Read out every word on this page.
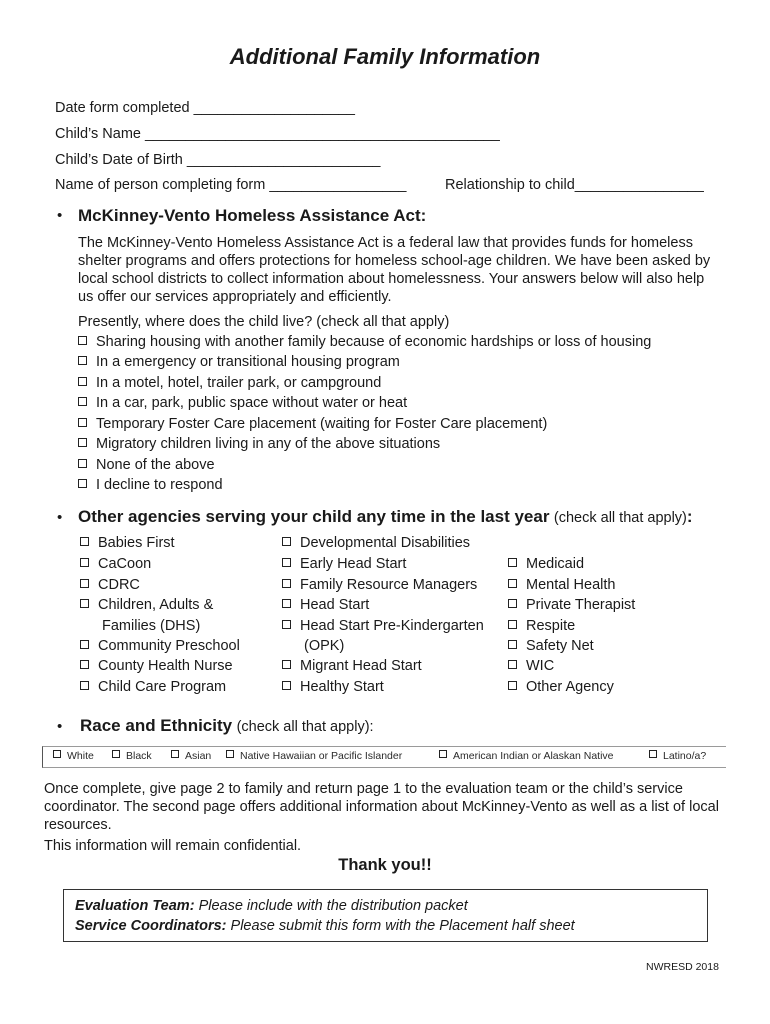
Additional Family Information
Date form completed ____________________
Child’s Name ____________________________________________
Child’s Date of Birth ________________________
Name of person completing form _________________	Relationship to child________________
• McKinney-Vento Homeless Assistance Act:
The McKinney-Vento Homeless Assistance Act is a federal law that provides funds for homeless shelter programs and offers protections for homeless school-age children. We have been asked by local school districts to collect information about homelessness. Your answers below will also help us offer our services appropriately and efficiently.
Presently, where does the child live? (check all that apply)
Sharing housing with another family because of economic hardships or loss of housing
In a emergency or transitional housing program
In a motel, hotel, trailer park, or campground
In a car, park, public space without water or heat
Temporary Foster Care placement (waiting for Foster Care placement)
Migratory children living in any of the above situations
None of the above
I decline to respond
• Other agencies serving your child any time in the last year (check all that apply):
Babies First
CaCoon
CDRC
Children, Adults &
Families (DHS)
Community Preschool
County Health Nurse
Child Care Program
Developmental Disabilities
Early Head Start
Family Resource Managers
Head Start
Head Start Pre-Kindergarten
(OPK)
Migrant Head Start
Healthy Start
Medicaid
Mental Health
Private Therapist
Respite
Safety Net
WIC
Other Agency
• Race and Ethnicity (check all that apply):
White	Black	Asian	Native Hawaiian or Pacific Islander	American Indian or Alaskan Native	Latino/a?
Once complete, give page 2 to family and return page 1 to the evaluation team or the child’s service coordinator. The second page offers additional information about McKinney-Vento as well as a list of local resources.
This information will remain confidential.
Thank you!!
Evaluation Team: Please include with the distribution packet
Service Coordinators: Please submit this form with the Placement half sheet
NWRESD 2018
